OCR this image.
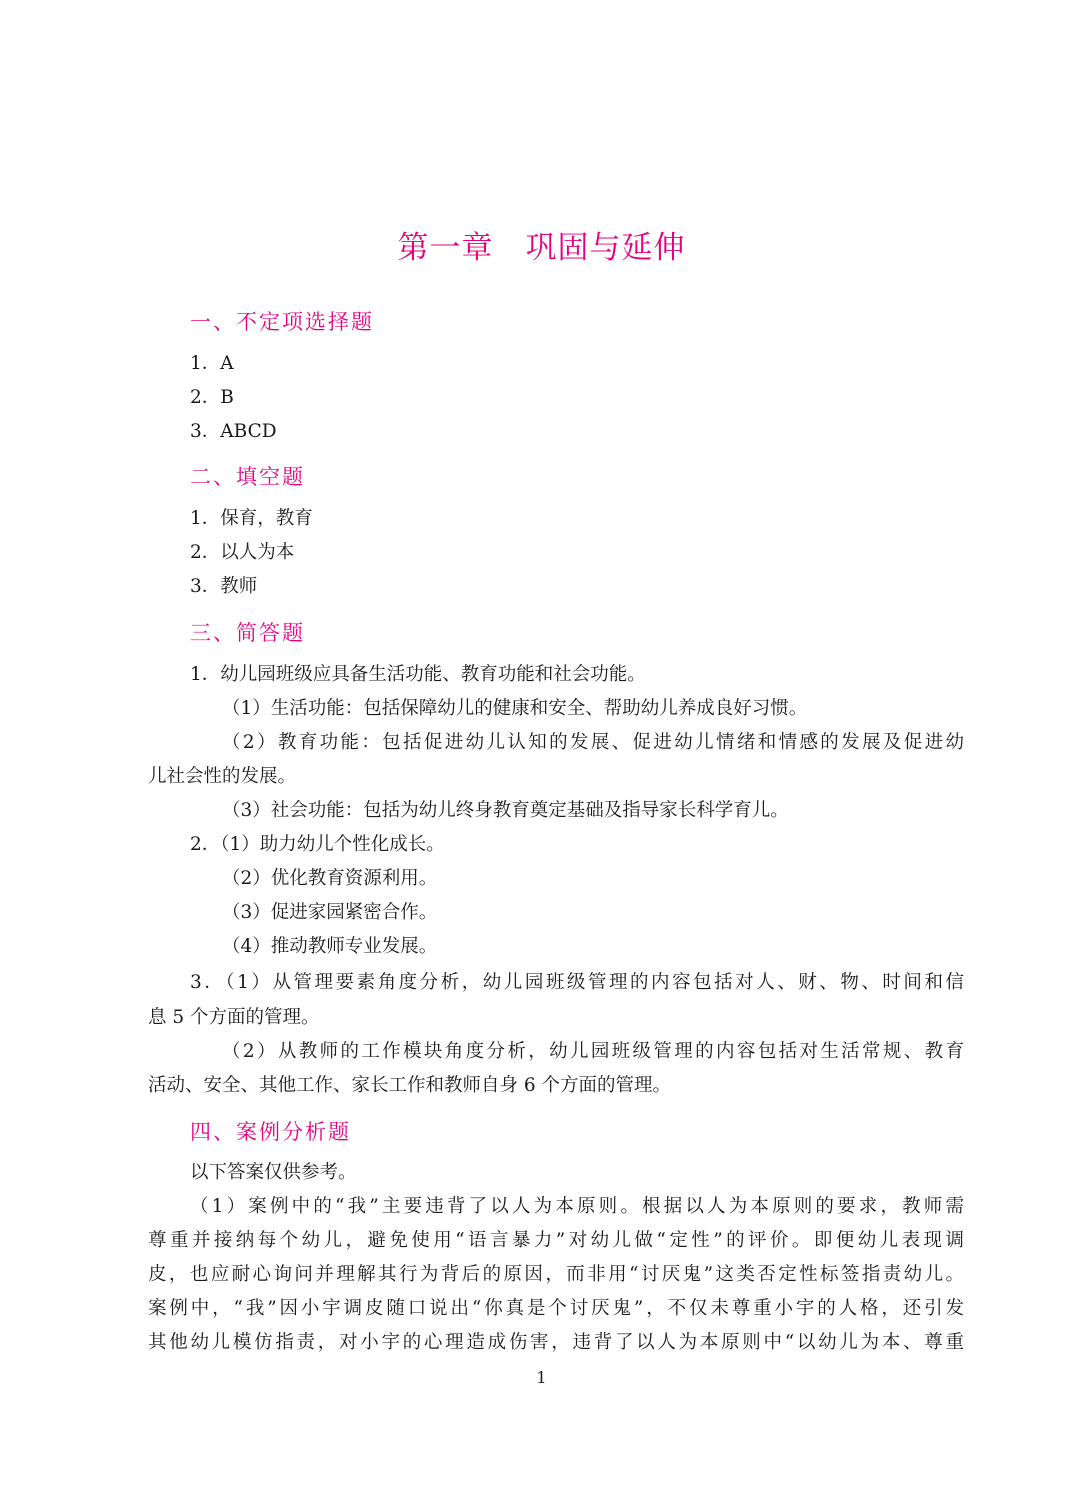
第一章　巩固与延伸
一、不定项选择题
1．A
2．B
3．ABCD
二、填空题
1．保育，教育
2．以人为本
3．教师
三、简答题
1．幼儿园班级应具备生活功能、教育功能和社会功能。
（1）生活功能：包括保障幼儿的健康和安全、帮助幼儿养成良好习惯。
（2）教育功能：包括促进幼儿认知的发展、促进幼儿情绪和情感的发展及促进幼
儿社会性的发展。
（3）社会功能：包括为幼儿终身教育奠定基础及指导家长科学育儿。
2．（1）助力幼儿个性化成长。
（2）优化教育资源利用。
（3）促进家园紧密合作。
（4）推动教师专业发展。
3．（1）从管理要素角度分析，幼儿园班级管理的内容包括对人、财、物、时间和信
息 5 个方面的管理。
（2）从教师的工作模块角度分析，幼儿园班级管理的内容包括对生活常规、教育
活动、安全、其他工作、家长工作和教师自身 6 个方面的管理。
四、案例分析题
以下答案仅供参考。
（1）案例中的“我”主要违背了以人为本原则。根据以人为本原则的要求，教师需
尊重并接纳每个幼儿，避免使用“语言暴力”对幼儿做“定性”的评价。即便幼儿表现调
皮，也应耐心询问并理解其行为背后的原因，而非用“讨厌鬼”这类否定性标签指责幼儿。
案例中，“我”因小宇调皮随口说出“你真是个讨厌鬼”，不仅未尊重小宇的人格，还引发
其他幼儿模仿指责，对小宇的心理造成伤害，违背了以人为本原则中“以幼儿为本、尊重
1
